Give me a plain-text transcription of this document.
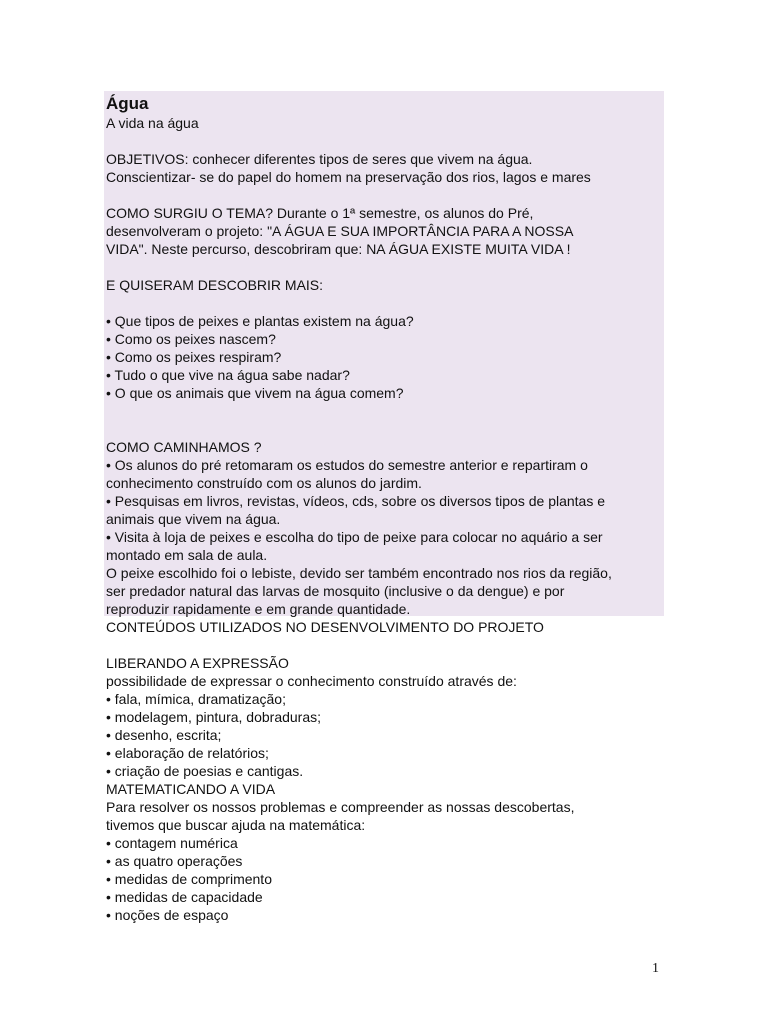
Água
A vida na água
OBJETIVOS: conhecer diferentes tipos de seres que vivem na água.
Conscientizar- se do papel do homem na preservação dos rios, lagos e mares
COMO SURGIU O TEMA? Durante o 1ª semestre, os alunos do Pré,
desenvolveram o projeto: "A ÁGUA E SUA IMPORTÂNCIA PARA A NOSSA
VIDA". Neste percurso, descobriram que: NA ÁGUA EXISTE MUITA VIDA !
E QUISERAM DESCOBRIR MAIS:
• Que tipos de peixes e plantas existem na água?
• Como os peixes nascem?
• Como os peixes respiram?
• Tudo o que vive na água sabe nadar?
• O que os animais que vivem na água comem?
COMO CAMINHAMOS ?
• Os alunos do pré retomaram os estudos do semestre anterior e repartiram o
conhecimento construído com os alunos do jardim.
• Pesquisas em livros, revistas, vídeos, cds, sobre os diversos tipos de plantas e
animais que vivem na água.
• Visita à loja de peixes e escolha do tipo de peixe para colocar no aquário a ser
montado em sala de aula.
O peixe escolhido foi o lebiste, devido ser também encontrado nos rios da região,
ser predador natural das larvas de mosquito (inclusive o da dengue) e por
reproduzir rapidamente e em grande quantidade.
CONTEÚDOS UTILIZADOS NO DESENVOLVIMENTO DO PROJETO
LIBERANDO A EXPRESSÃO
possibilidade de expressar o conhecimento construído através de:
• fala, mímica, dramatização;
• modelagem, pintura, dobraduras;
• desenho, escrita;
• elaboração de relatórios;
• criação de poesias e cantigas.
MATEMATICANDO A VIDA
Para resolver os nossos problemas e compreender as nossas descobertas,
tivemos que buscar ajuda na matemática:
• contagem numérica
• as quatro operações
• medidas de comprimento
• medidas de capacidade
• noções de espaço
1
